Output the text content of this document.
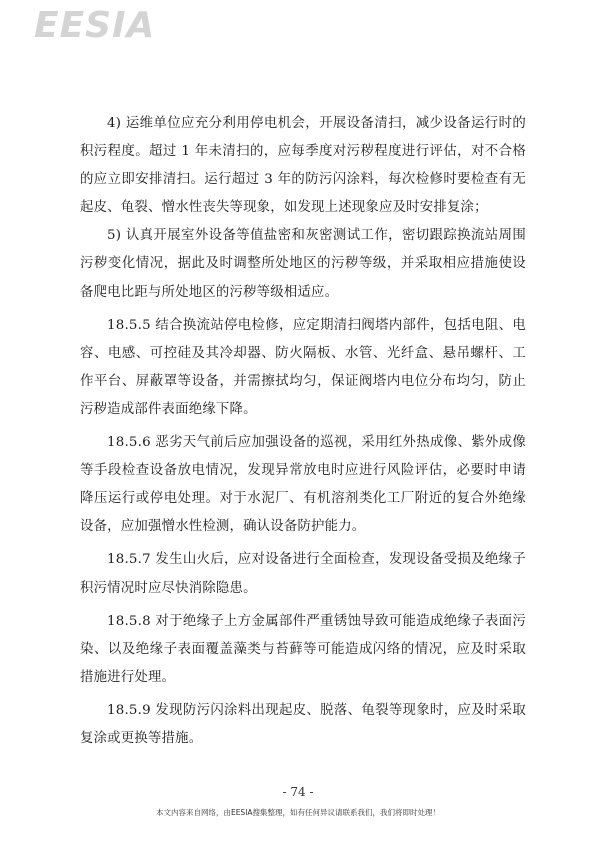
EESIA

4) 运维单位应充分利用停电机会，开展设备清扫，减少设备运行时的积污程度。超过 1 年未清扫的，应每季度对污秽程度进行评估，对不合格的应立即安排清扫。运行超过 3 年的防污闪涂料，每次检修时要检查有无起皮、龟裂、憎水性丧失等现象，如发现上述现象应及时安排复涂；

5) 认真开展室外设备等值盐密和灰密测试工作，密切跟踪换流站周围污秽变化情况，据此及时调整所处地区的污秽等级，并采取相应措施使设备爬电比距与所处地区的污秽等级相适应。

18.5.5 结合换流站停电检修，应定期清扫阀塔内部件，包括电阻、电容、电感、可控硅及其冷却器、防火隔板、水管、光纤盒、悬吊螺杆、工作平台、屏蔽罩等设备，并需擦拭均匀，保证阀塔内电位分布均匀，防止污秽造成部件表面绝缘下降。

18.5.6 恶劣天气前后应加强设备的巡视，采用红外热成像、紫外成像等手段检查设备放电情况，发现异常放电时应进行风险评估，必要时申请降压运行或停电处理。对于水泥厂、有机溶剂类化工厂附近的复合外绝缘设备，应加强憎水性检测，确认设备防护能力。

18.5.7 发生山火后，应对设备进行全面检查，发现设备受损及绝缘子积污情况时应尽快消除隐患。

18.5.8 对于绝缘子上方金属部件严重锈蚀导致可能造成绝缘子表面污染、以及绝缘子表面覆盖藻类与苔藓等可能造成闪络的情况，应及时采取措施进行处理。

18.5.9 发现防污闪涂料出现起皮、脱落、龟裂等现象时，应及时采取复涂或更换等措施。

- 74 -
本文内容来自网络，由EESIA搜集整理，如有任何异议请联系我们，我们将即时处理！
